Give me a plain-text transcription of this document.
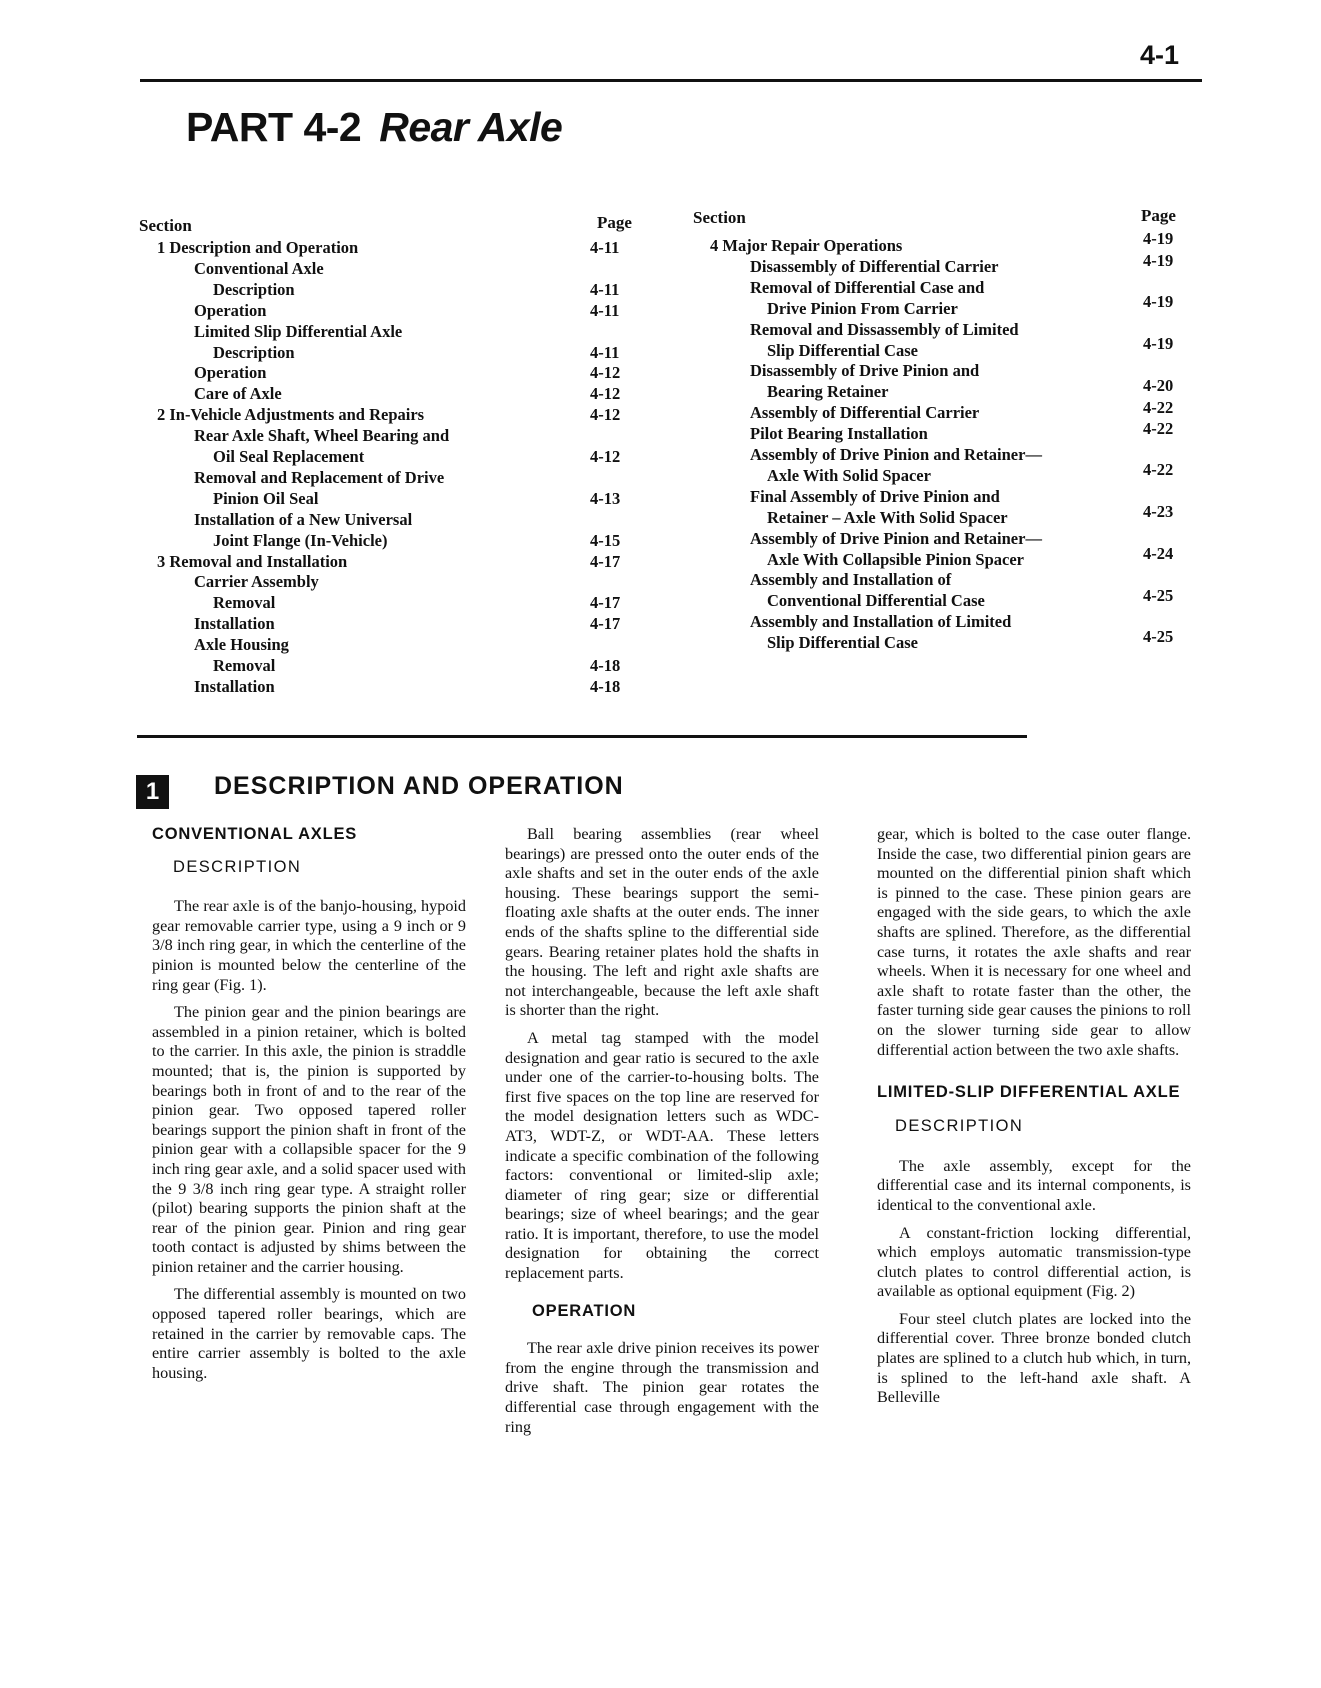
4-1
PART 4-2 Rear Axle
Section	Page	Section	Page
1 Description and Operation . . .	4-11
Conventional Axle
Description . . .	4-11
Operation . . .	4-11
Limited Slip Differential Axle
Description . . .	4-11
Operation . . .	4-12
Care of Axle . . .	4-12
2 In-Vehicle Adjustments and Repairs . . .	4-12
Rear Axle Shaft, Wheel Bearing and
Oil Seal Replacement . . .	4-12
Removal and Replacement of Drive
Pinion Oil Seal . . .	4-13
Installation of a New Universal
Joint Flange (In-Vehicle) . . .	4-15
3 Removal and Installation . . .	4-17
Carrier Assembly
Removal . . .	4-17
Installation . . .	4-17
Axle Housing
Removal . . .	4-18
Installation . . .	4-18
4 Major Repair Operations . . .	4-19
Disassembly of Differential Carrier . . .	4-19
Removal of Differential Case and
Drive Pinion From Carrier . . .	4-19
Removal and Dissassembly of Limited
Slip Differential Case . . .	4-19
Disassembly of Drive Pinion and
Bearing Retainer . . .	4-20
Assembly of Differential Carrier . . .	4-22
Pilot Bearing Installation . . .	4-22
Assembly of Drive Pinion and Retainer—
Axle With Solid Spacer . . .	4-22
Final Assembly of Drive Pinion and
Retainer – Axle With Solid Spacer . . .	4-23
Assembly of Drive Pinion and Retainer—
Axle With Collapsible Pinion Spacer . . .	4-24
Assembly and Installation of
Conventional Differential Case . . .	4-25
Assembly and Installation of Limited
Slip Differential Case . . .	4-25
1	DESCRIPTION AND OPERATION

CONVENTIONAL AXLES

DESCRIPTION

The rear axle is of the banjo-housing, hypoid gear removable carrier type, using a 9 inch or 9 3/8 inch ring gear, in which the centerline of the pinion is mounted below the centerline of the ring gear (Fig. 1).

The pinion gear and the pinion bearings are assembled in a pinion retainer, which is bolted to the carrier. In this axle, the pinion is straddle mounted; that is, the pinion is supported by bearings both in front of and to the rear of the pinion gear. Two opposed tapered roller bearings support the pinion shaft in front of the pinion gear with a collapsible spacer for the 9 inch ring gear axle, and a solid spacer used with the 9 3/8 inch ring gear type. A straight roller (pilot) bearing supports the pinion shaft at the rear of the pinion gear. Pinion and ring gear tooth contact is adjusted by shims between the pinion retainer and the carrier housing.

The differential assembly is mounted on two opposed tapered roller bearings, which are retained in the carrier by removable caps. The entire carrier assembly is bolted to the axle housing.

Ball bearing assemblies (rear wheel bearings) are pressed onto the outer ends of the axle shafts and set in the outer ends of the axle housing. These bearings support the semi-floating axle shafts at the outer ends. The inner ends of the shafts spline to the differential side gears. Bearing retainer plates hold the shafts in the housing. The left and right axle shafts are not interchangeable, because the left axle shaft is shorter than the right.

A metal tag stamped with the model designation and gear ratio is secured to the axle under one of the carrier-to-housing bolts. The first five spaces on the top line are reserved for the model designation letters such as WDC-AT3, WDT-Z, or WDT-AA. These letters indicate a specific combination of the following factors: conventional or limited-slip axle; diameter of ring gear; size or differential bearings; size of wheel bearings; and the gear ratio. It is important, therefore, to use the model designation for obtaining the correct replacement parts.

OPERATION

The rear axle drive pinion receives its power from the engine through the transmission and drive shaft. The pinion gear rotates the differential case through engagement with the ring

gear, which is bolted to the case outer flange. Inside the case, two differential pinion gears are mounted on the differential pinion shaft which is pinned to the case. These pinion gears are engaged with the side gears, to which the axle shafts are splined. Therefore, as the differential case turns, it rotates the axle shafts and rear wheels. When it is necessary for one wheel and axle shaft to rotate faster than the other, the faster turning side gear causes the pinions to roll on the slower turning side gear to allow differential action between the two axle shafts.

LIMITED-SLIP DIFFERENTIAL AXLE

DESCRIPTION

The axle assembly, except for the differential case and its internal components, is identical to the conventional axle.

A constant-friction locking differential, which employs automatic transmission-type clutch plates to control differential action, is available as optional equipment (Fig. 2)

Four steel clutch plates are locked into the differential cover. Three bronze bonded clutch plates are splined to a clutch hub which, in turn, is splined to the left-hand axle shaft. A Belleville
